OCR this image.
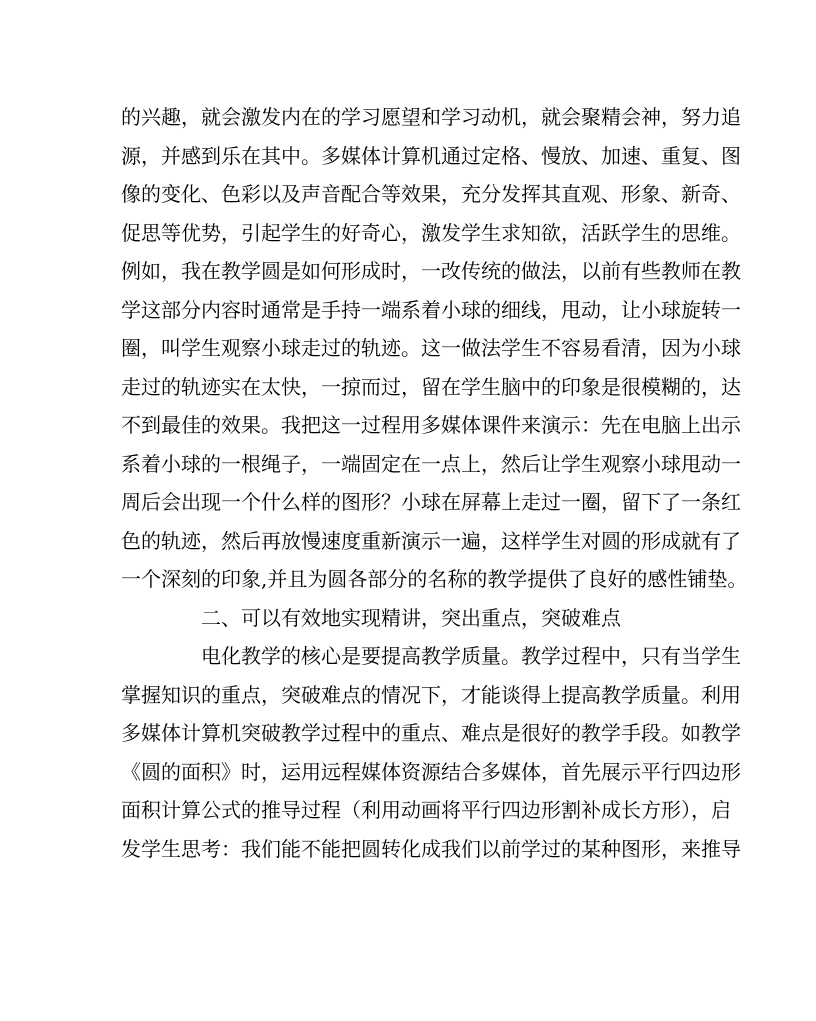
的兴趣，就会激发内在的学习愿望和学习动机，就会聚精会神，努力追
源，并感到乐在其中。多媒体计算机通过定格、慢放、加速、重复、图
像的变化、色彩以及声音配合等效果，充分发挥其直观、形象、新奇、
促思等优势，引起学生的好奇心，激发学生求知欲，活跃学生的思维。
例如，我在教学圆是如何形成时，一改传统的做法，以前有些教师在教
学这部分内容时通常是手持一端系着小球的细线，甩动，让小球旋转一
圈，叫学生观察小球走过的轨迹。这一做法学生不容易看清，因为小球
走过的轨迹实在太快，一掠而过，留在学生脑中的印象是很模糊的，达
不到最佳的效果。我把这一过程用多媒体课件来演示：先在电脑上出示
系着小球的一根绳子，一端固定在一点上，然后让学生观察小球甩动一
周后会出现一个什么样的图形？小球在屏幕上走过一圈，留下了一条红
色的轨迹，然后再放慢速度重新演示一遍，这样学生对圆的形成就有了
一个深刻的印象,并且为圆各部分的名称的教学提供了良好的感性铺垫。
二、可以有效地实现精讲，突出重点，突破难点
电化教学的核心是要提高教学质量。教学过程中，只有当学生
掌握知识的重点，突破难点的情况下，才能谈得上提高教学质量。利用
多媒体计算机突破教学过程中的重点、难点是很好的教学手段。如教学
《圆的面积》时，运用远程媒体资源结合多媒体，首先展示平行四边形
面积计算公式的推导过程（利用动画将平行四边形割补成长方形），启
发学生思考：我们能不能把圆转化成我们以前学过的某种图形，来推导
